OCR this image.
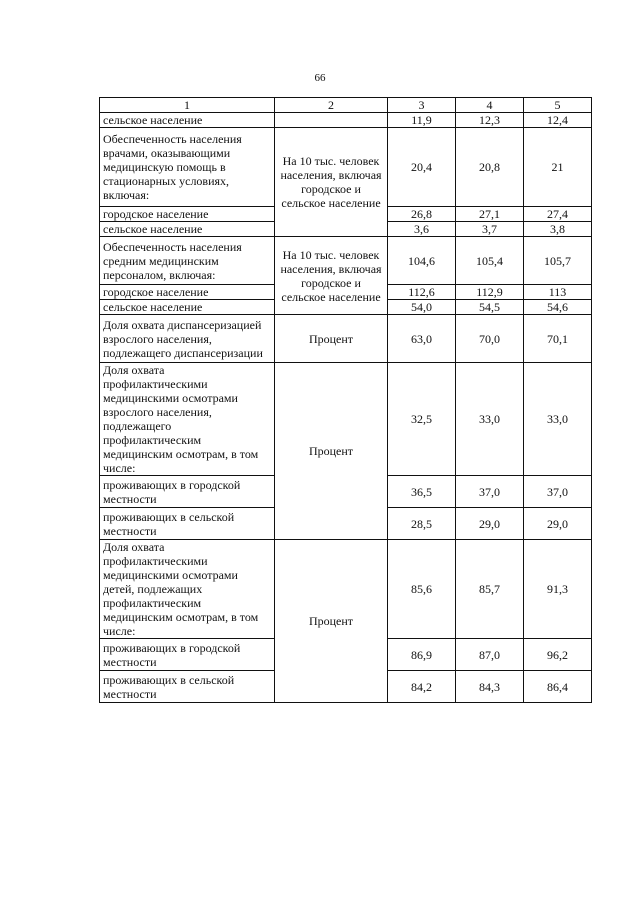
66
1	2	3	4	5
сельское население		11,9	12,3	12,4
Обеспеченность населения врачами, оказывающими медицинскую помощь в стационарных условиях, включая:	На 10 тыс. человек населения, включая городское и сельское население	20,4	20,8	21
городское население		26,8	27,1	27,4
сельское население		3,6	3,7	3,8
Обеспеченность населения средним медицинским персоналом, включая:	На 10 тыс. человек населения, включая городское и сельское население	104,6	105,4	105,7
городское население		112,6	112,9	113
сельское население		54,0	54,5	54,6
Доля охвата диспансеризацией взрослого населения, подлежащего диспансеризации	Процент	63,0	70,0	70,1
Доля охвата профилактическими медицинскими осмотрами взрослого населения, подлежащего профилактическим медицинским осмотрам, в том числе:	Процент	32,5	33,0	33,0
проживающих в городской местности		36,5	37,0	37,0
проживающих в сельской местности		28,5	29,0	29,0
Доля охвата профилактическими медицинскими осмотрами детей, подлежащих профилактическим медицинским осмотрам, в том числе:	Процент	85,6	85,7	91,3
проживающих в городской местности		86,9	87,0	96,2
проживающих в сельской местности		84,2	84,3	86,4
